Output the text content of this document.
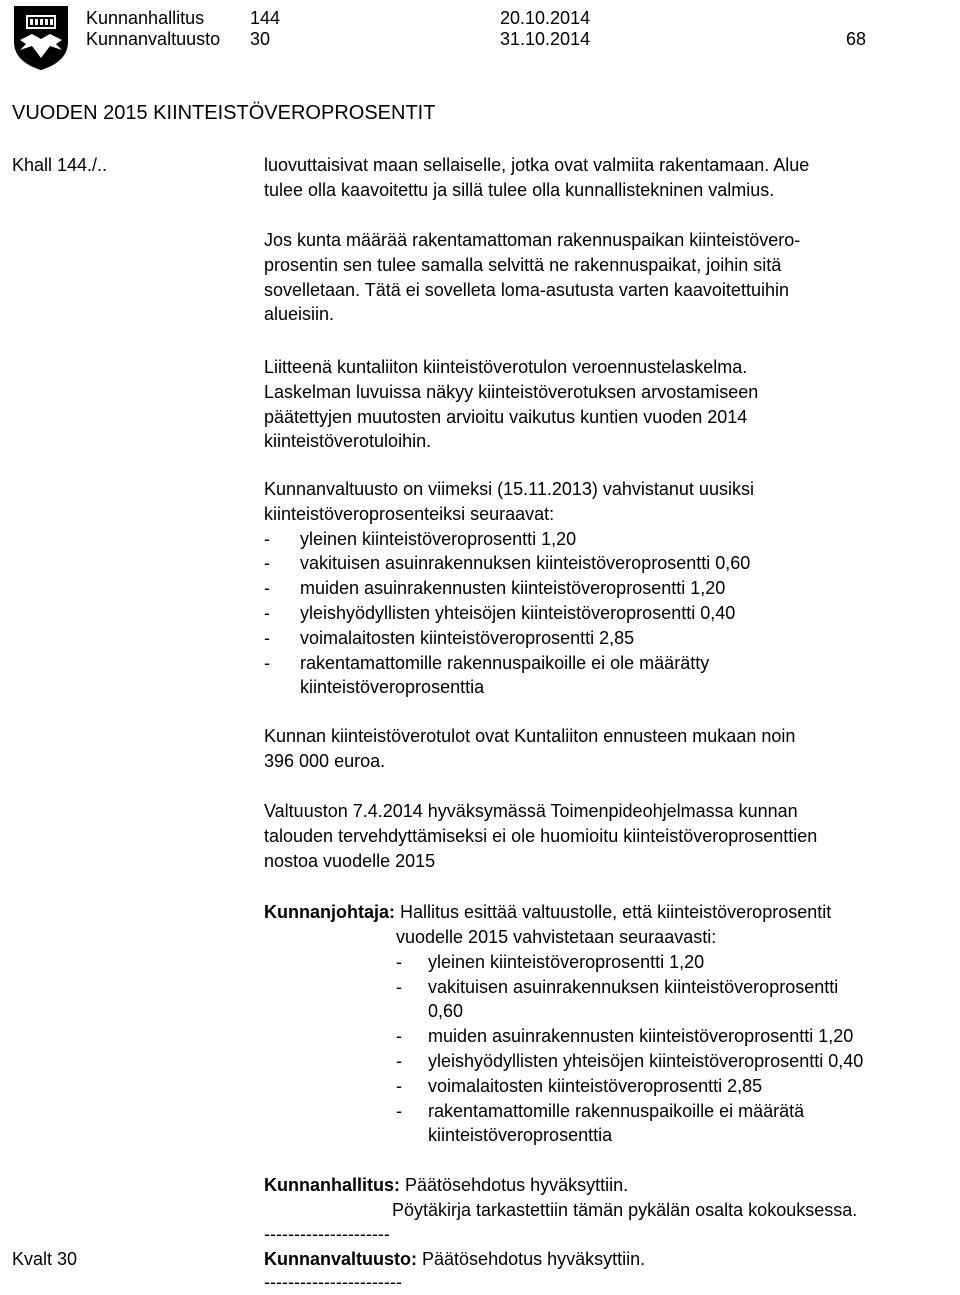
Kunnanhallitus	144	20.10.2014
Kunnanvaltuusto 30	31.10.2014	68
VUODEN 2015 KIINTEISTÖVEROPROSENTIT
Khall 144./..	luovuttaisivat maan sellaiselle, jotka ovat valmiita rakentamaan. Alue
tulee olla kaavoitettu ja sillä tulee olla kunnallistekninen valmius.
Jos kunta määrää rakentamattoman rakennuspaikan kiinteistövero-
prosentin sen tulee samalla selvittä ne rakennuspaikat, joihin sitä
sovelletaan. Tätä ei sovelleta loma-asutusta varten kaavoitettuihin
alueisiin.
Liitteenä kuntaliiton kiinteistöverotulon veroennustelaskelma.
Laskelman luvuissa näkyy kiinteistöverotuksen arvostamiseen
päätettyjen muutosten arvioitu vaikutus kuntien vuoden 2014
kiinteistöverotuloihin.
Kunnanvaltuusto on viimeksi (15.11.2013) vahvistanut uusiksi
kiinteistöveroprosenteiksi seuraavat:
- yleinen kiinteistöveroprosentti 1,20
- vakituisen asuinrakennuksen kiinteistöveroprosentti 0,60
- muiden asuinrakennusten kiinteistöveroprosentti 1,20
- yleishyödyllisten yhteisöjen kiinteistöveroprosentti 0,40
- voimalaitosten kiinteistöveroprosentti 2,85
- rakentamattomille rakennuspaikoille ei ole määrätty
kiinteistöveroprosenttia
Kunnan kiinteistöverotulot ovat Kuntaliiton ennusteen mukaan noin
396 000 euroa.
Valtuuston 7.4.2014 hyväksymässä Toimenpideohjelmassa kunnan
talouden tervehdyttämiseksi ei ole huomioitu kiinteistöveroprosenttien
nostoa vuodelle 2015
Kunnanjohtaja: Hallitus esittää valtuustolle, että kiinteistöveroprosentit
vuodelle 2015 vahvistetaan seuraavasti:
- yleinen kiinteistöveroprosentti 1,20
- vakituisen asuinrakennuksen kiinteistöveroprosentti
0,60
- muiden asuinrakennusten kiinteistöveroprosentti 1,20
- yleishyödyllisten yhteisöjen kiinteistöveroprosentti 0,40
- voimalaitosten kiinteistöveroprosentti 2,85
- rakentamattomille rakennuspaikoille ei määrätä
kiinteistöveroprosenttia
Kunnanhallitus: Päätösehdotus hyväksyttiin.
Pöytäkirja tarkastettiin tämän pykälän osalta kokouksessa.
---------------------
Kvalt 30	Kunnanvaltuusto: Päätösehdotus hyväksyttiin.
-----------------------
